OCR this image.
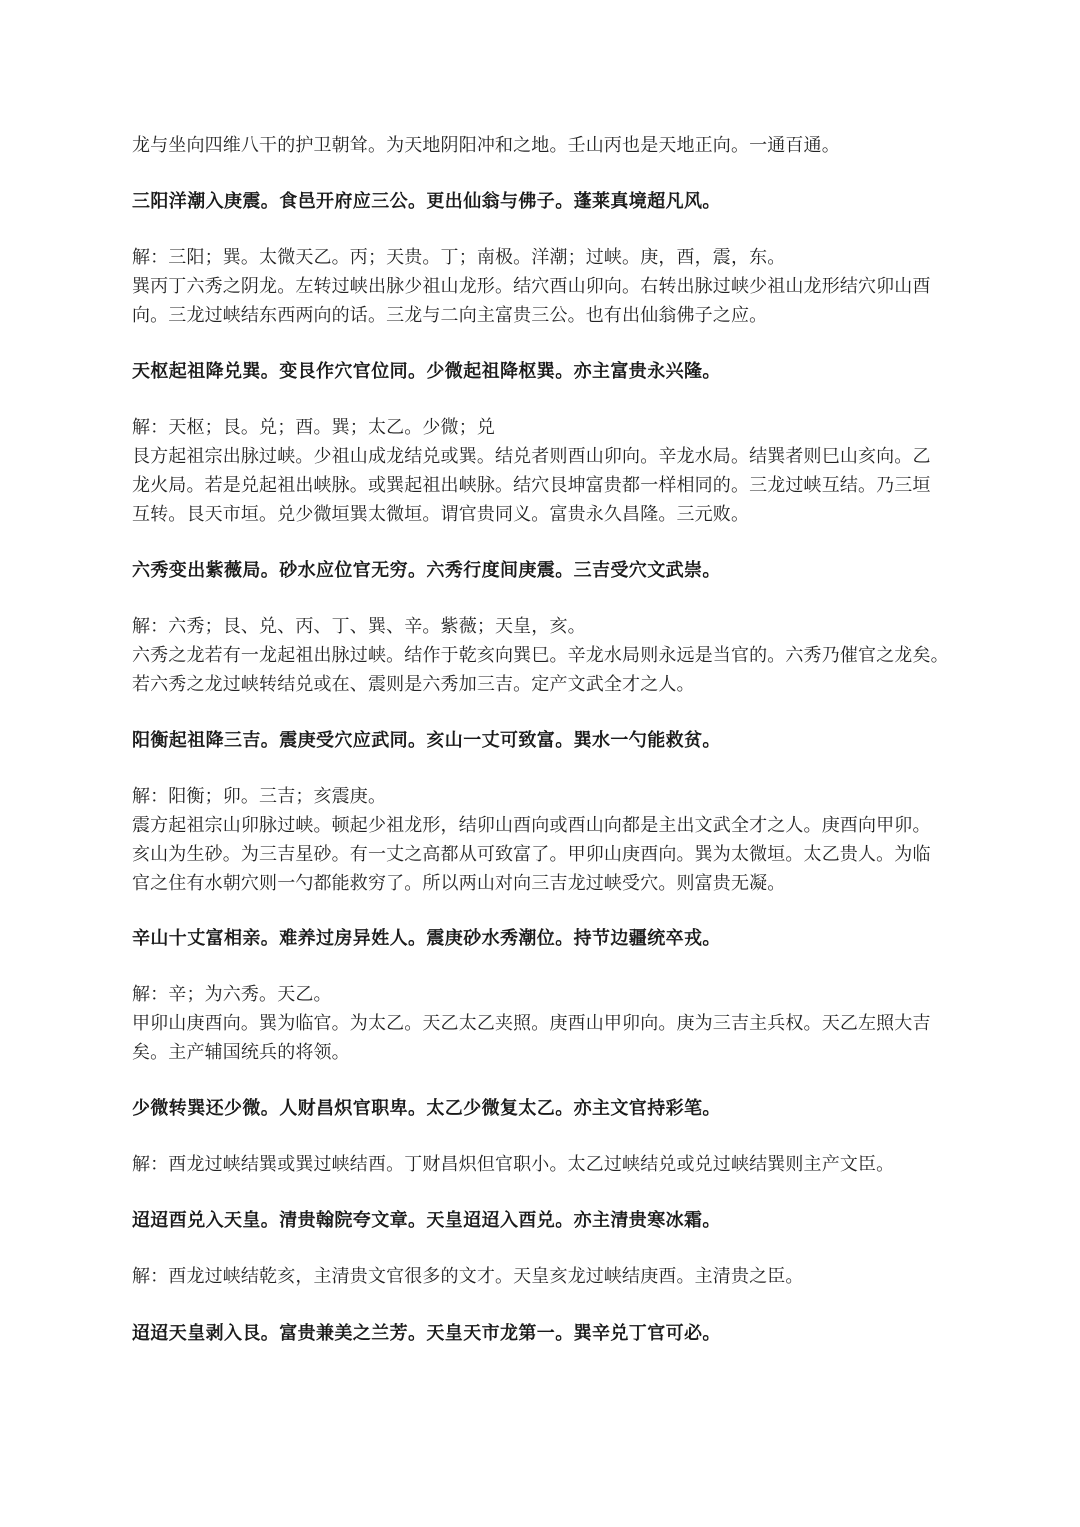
龙与坐向四维八干的护卫朝耸。为天地阴阳冲和之地。壬山丙也是天地正向。一通百通。
三阳洋潮入庚震。食邑开府应三公。更出仙翁与佛子。蓬莱真境超凡风。
解：三阳；巽。太微天乙。丙；天贵。丁；南极。洋潮；过峡。庚，酉，震，东。
巽丙丁六秀之阴龙。左转过峡出脉少祖山龙形。结穴酉山卯向。右转出脉过峡少祖山龙形结穴卯山酉
向。三龙过峡结东西两向的话。三龙与二向主富贵三公。也有出仙翁佛子之应。
天枢起祖降兑巽。变艮作穴官位同。少微起祖降枢巽。亦主富贵永兴隆。
解：天枢；艮。兑；酉。巽；太乙。少微；兑
艮方起祖宗出脉过峡。少祖山成龙结兑或巽。结兑者则酉山卯向。辛龙水局。结巽者则巳山亥向。乙
龙火局。若是兑起祖出峡脉。或巽起祖出峡脉。结穴艮坤富贵都一样相同的。三龙过峡互结。乃三垣
互转。艮天市垣。兑少微垣巽太微垣。谓官贵同义。富贵永久昌隆。三元败。
六秀变出紫薇局。砂水应位官无穷。六秀行度间庚震。三吉受穴文武崇。
解：六秀；艮、兑、丙、丁、巽、辛。紫薇；天皇，亥。
六秀之龙若有一龙起祖出脉过峡。结作于乾亥向巽巳。辛龙水局则永远是当官的。六秀乃催官之龙矣。
若六秀之龙过峡转结兑或在、震则是六秀加三吉。定产文武全才之人。
阳衡起祖降三吉。震庚受穴应武同。亥山一丈可致富。巽水一勺能救贫。
解：阳衡；卯。三吉；亥震庚。
震方起祖宗山卯脉过峡。顿起少祖龙形，结卯山酉向或酉山向都是主出文武全才之人。庚酉向甲卯。
亥山为生砂。为三吉星砂。有一丈之高都从可致富了。甲卯山庚酉向。巽为太微垣。太乙贵人。为临
官之住有水朝穴则一勺都能救穷了。所以两山对向三吉龙过峡受穴。则富贵无凝。
辛山十丈富相亲。难养过房异姓人。震庚砂水秀潮位。持节边疆统卒戎。
解：辛；为六秀。天乙。
甲卯山庚酉向。巽为临官。为太乙。天乙太乙夹照。庚酉山甲卯向。庚为三吉主兵权。天乙左照大吉
矣。主产辅国统兵的将领。
少微转巽还少微。人财昌炽官职卑。太乙少微复太乙。亦主文官持彩笔。
解：酉龙过峡结巽或巽过峡结酉。丁财昌炽但官职小。太乙过峡结兑或兑过峡结巽则主产文臣。
迢迢酉兑入天皇。清贵翰院夸文章。天皇迢迢入酉兑。亦主清贵寒冰霜。
解：酉龙过峡结乾亥，主清贵文官很多的文才。天皇亥龙过峡结庚酉。主清贵之臣。
迢迢天皇剥入艮。富贵兼美之兰芳。天皇天市龙第一。巽辛兑丁官可必。
